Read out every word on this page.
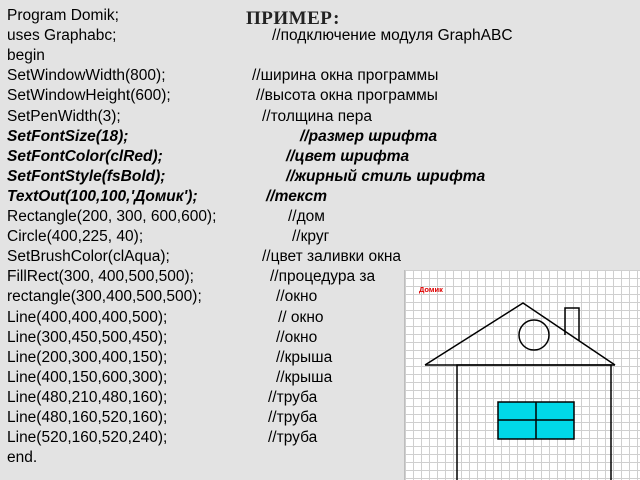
ПРИМЕР:
Program Domik;
uses Graphabc;	//подключение модуля GraphABC
begin
SetWindowWidth(800);	//ширина окна программы
SetWindowHeight(600);	//высота окна программы
SetPenWidth(3);	//толщина пера
SetFontSize(18);	//размер шрифта
SetFontColor(clRed);	//цвет шрифта
SetFontStyle(fsBold);	//жирный стиль шрифта
TextOut(100,100,'Домик');	//текст
Rectangle(200, 300, 600,600);	//дом
Circle(400,225, 40);	//круг
SetBrushColor(clAqua);	//цвет заливки окна
FillRect(300, 400,500,500);	//процедура за
rectangle(300,400,500,500);	//окно
Line(400,400,400,500);	// окно
Line(300,450,500,450);	//окно
Line(200,300,400,150);	//крыша
Line(400,150,600,300);	//крыша
Line(480,210,480,160);	//труба
Line(480,160,520,160);	//труба
Line(520,160,520,240);	//труба
end.
Домик
